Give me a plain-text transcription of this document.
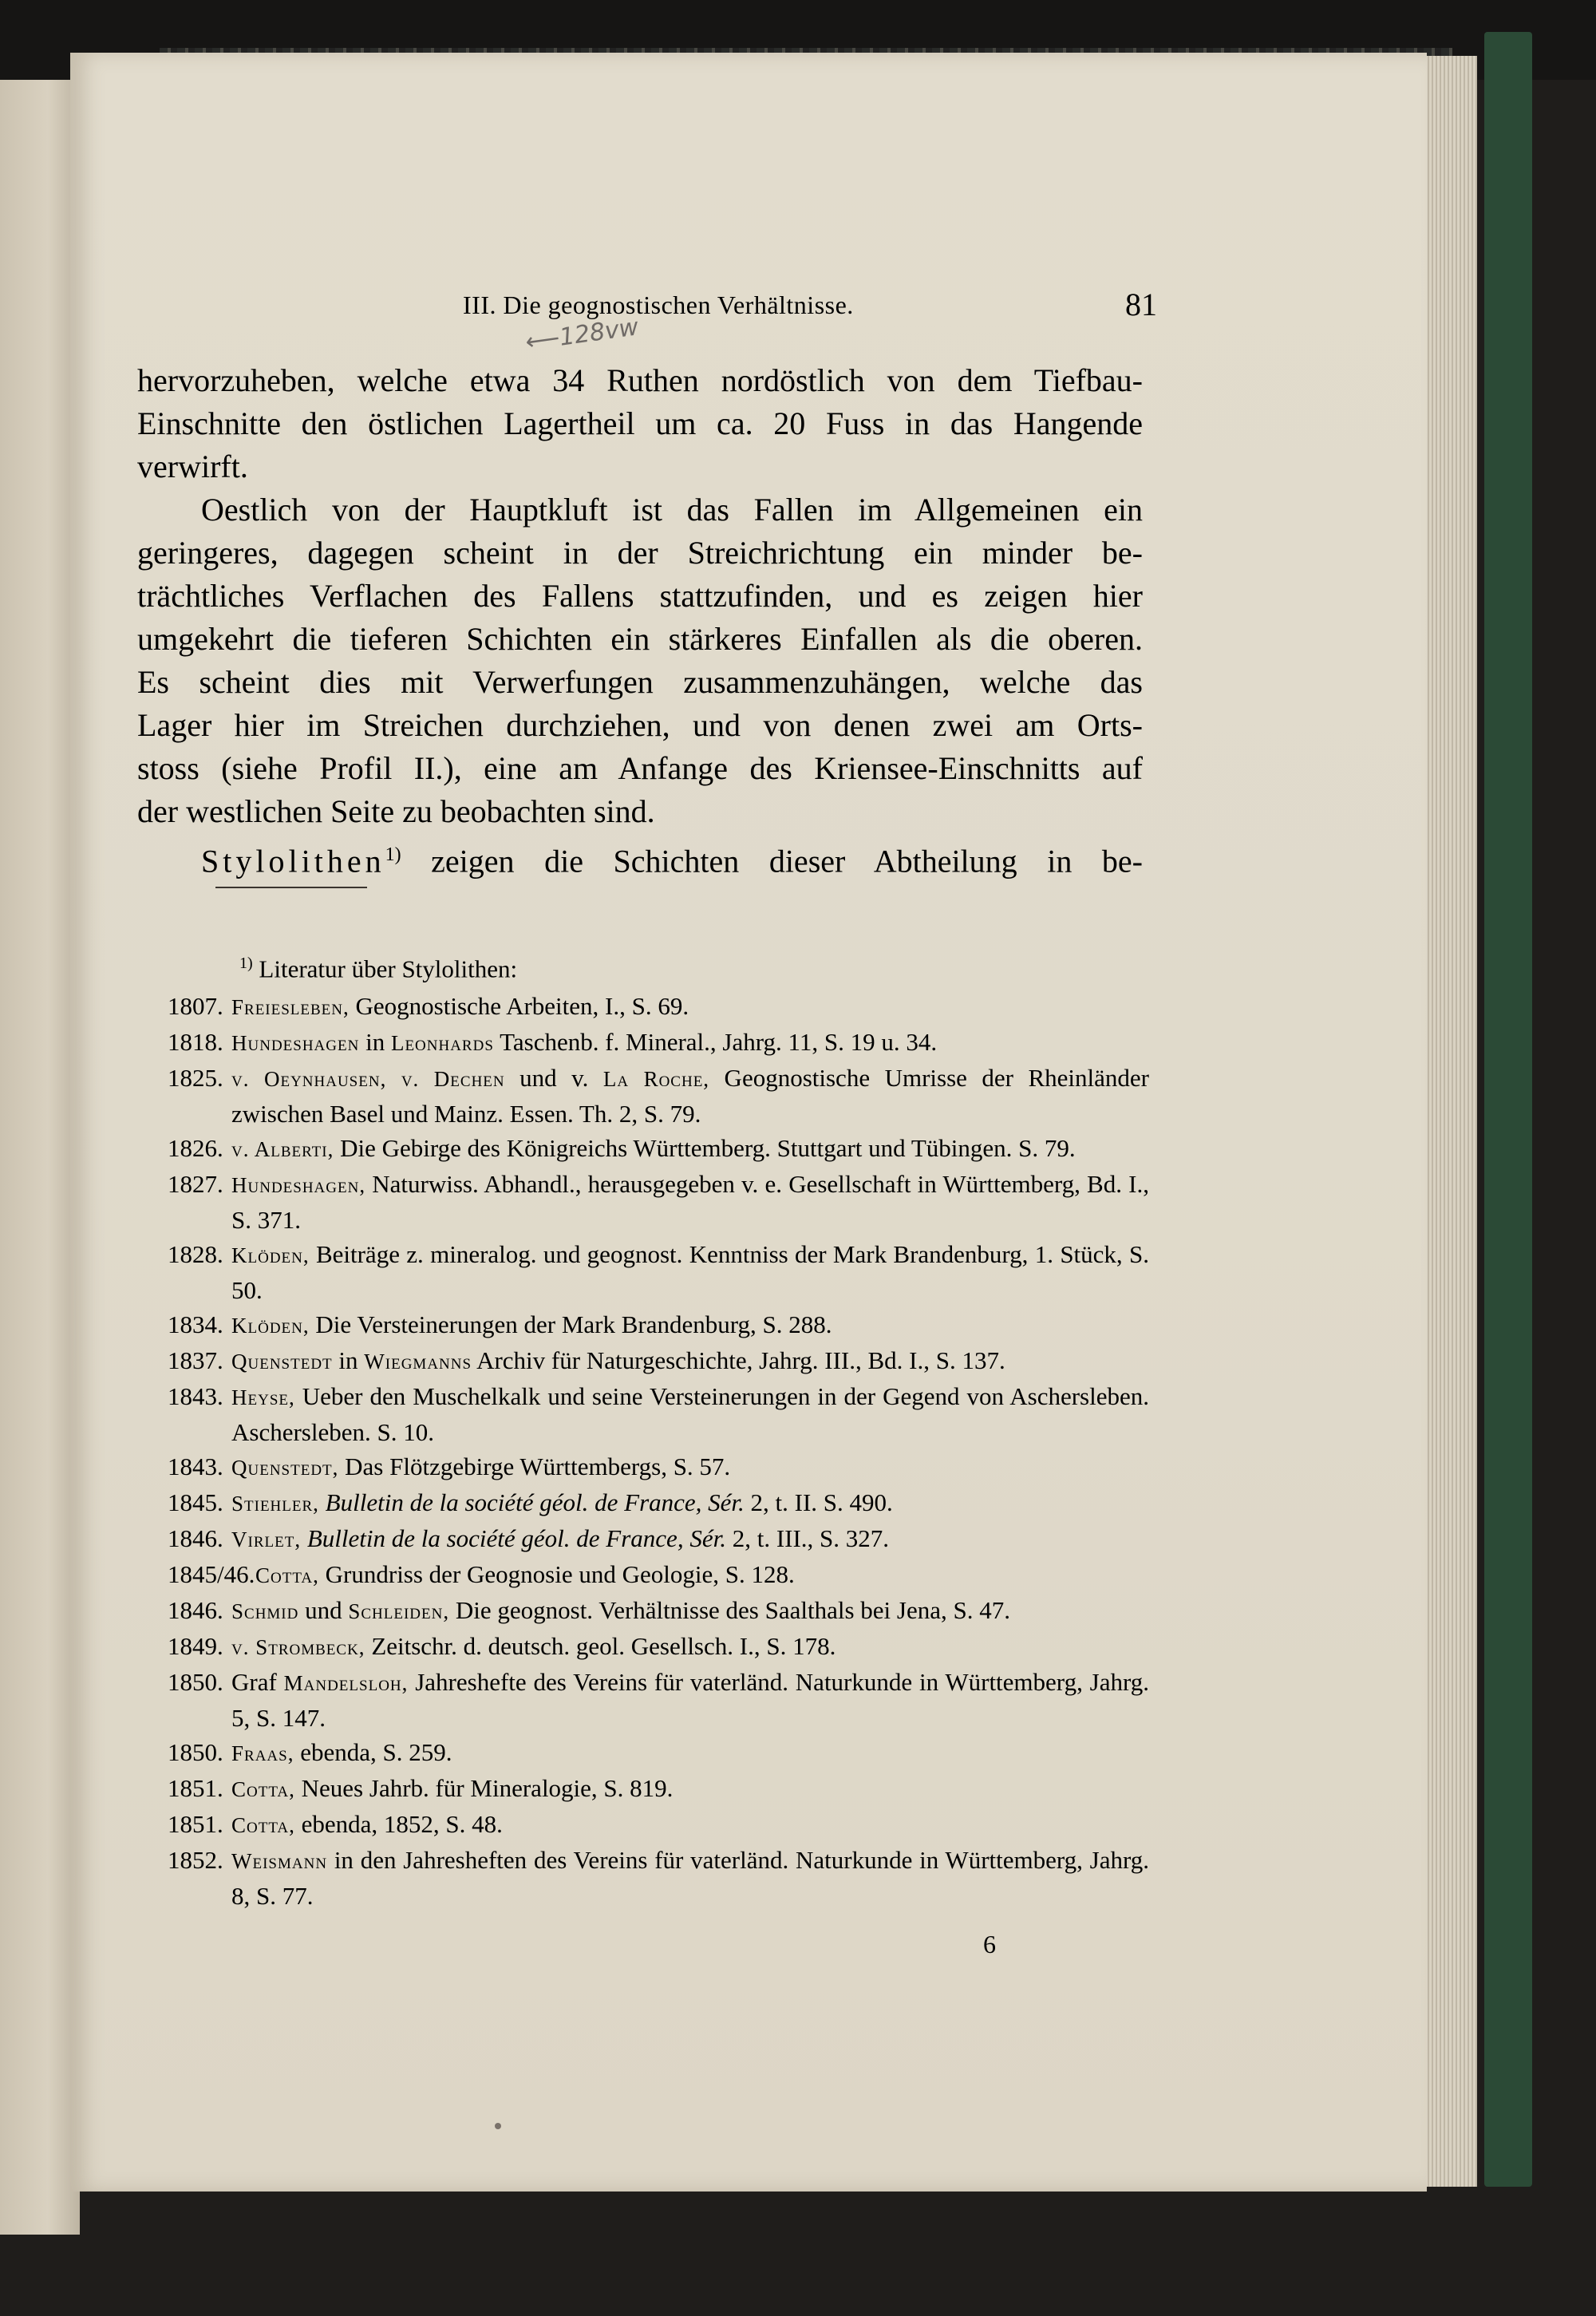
III. Die geognostischen Verhältnisse.	81
⟵128vw
hervorzuheben, welche etwa 34 Ruthen nordöstlich von dem Tiefbau-
Einschnitte den östlichen Lagertheil um ca. 20 Fuss in das Hangende
verwirft.
Oestlich von der Hauptkluft ist das Fallen im Allgemeinen ein
geringeres, dagegen scheint in der Streichrichtung ein minder be-
trächtliches Verflachen des Fallens stattzufinden, und es zeigen hier
umgekehrt die tieferen Schichten ein stärkeres Einfallen als die oberen.
Es scheint dies mit Verwerfungen zusammenzuhängen, welche das
Lager hier im Streichen durchziehen, und von denen zwei am Orts-
stoss (siehe Profil II.), eine am Anfange des Kriensee-Einschnitts auf
der westlichen Seite zu beobachten sind.
Stylolithen$^{1)}$ zeigen die Schichten dieser Abtheilung in be-
$^{1)}$ Literatur über Stylolithen:
1807. Freiesleben, Geognostische Arbeiten, I., S. 69.
1818. Hundeshagen in Leonhards Taschenb. f. Mineral., Jahrg. 11, S. 19 u. 34.
1825. v. Oeynhausen, v. Dechen und v. La Roche, Geognostische Umrisse der Rheinländer zwischen Basel und Mainz. Essen. Th. 2, S. 79.
1826. v. Alberti, Die Gebirge des Königreichs Württemberg. Stuttgart und Tübingen. S. 79.
1827. Hundeshagen, Naturwiss. Abhandl., herausgegeben v. e. Gesellschaft in Württemberg, Bd. I., S. 371.
1828. Klöden, Beiträge z. mineralog. und geognost. Kenntniss der Mark Brandenburg, 1. Stück, S. 50.
1834. Klöden, Die Versteinerungen der Mark Brandenburg, S. 288.
1837. Quenstedt in Wiegmanns Archiv für Naturgeschichte, Jahrg. III., Bd. I., S. 137.
1843. Heyse, Ueber den Muschelkalk und seine Versteinerungen in der Gegend von Aschersleben. Aschersleben. S. 10.
1843. Quenstedt, Das Flötzgebirge Württembergs, S. 57.
1845. Stiehler, Bulletin de la société géol. de France, Sér. 2, t. II. S. 490.
1846. Virlet, Bulletin de la société géol. de France, Sér. 2, t. III., S. 327.
1845/46. Cotta, Grundriss der Geognosie und Geologie, S. 128.
1846. Schmid und Schleiden, Die geognost. Verhältnisse des Saalthals bei Jena, S. 47.
1849. v. Strombeck, Zeitschr. d. deutsch. geol. Gesellsch. I., S. 178.
1850. Graf Mandelsloh, Jahreshefte des Vereins für vaterländ. Naturkunde in Württemberg, Jahrg. 5, S. 147.
1850. Fraas, ebenda, S. 259.
1851. Cotta, Neues Jahrb. für Mineralogie, S. 819.
1851. Cotta, ebenda, 1852, S. 48.
1852. Weismann in den Jahresheften des Vereins für vaterländ. Naturkunde in Württemberg, Jahrg. 8, S. 77.
6
